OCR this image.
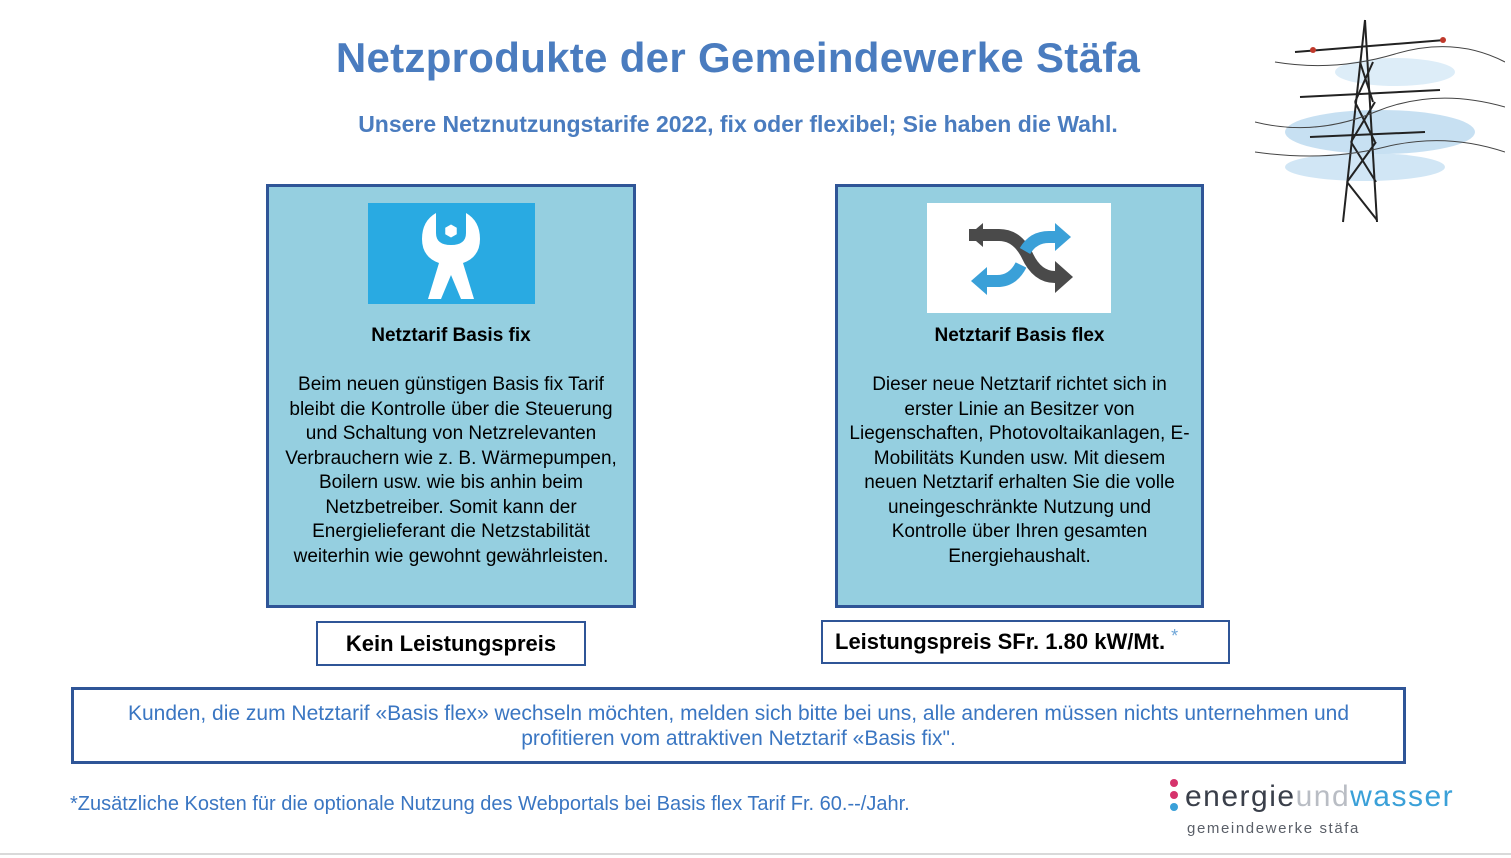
Netzprodukte der Gemeindewerke Stäfa
Unsere Netznutzungstarife 2022, fix oder flexibel; Sie haben die Wahl.
Netztarif Basis fix
Beim neuen günstigen Basis fix Tarif bleibt die Kontrolle über die Steuerung und Schaltung von Netzrelevanten Verbrauchern wie z. B. Wärmepumpen, Boilern usw. wie bis anhin beim Netzbetreiber. Somit kann der Energielieferant die Netzstabilität weiterhin wie gewohnt gewährleisten.
Netztarif Basis flex
Dieser neue Netztarif richtet sich in erster Linie an Besitzer von Liegenschaften, Photovoltaikanlagen, E-Mobilitäts Kunden usw. Mit diesem neuen Netztarif erhalten Sie die volle uneingeschränkte Nutzung und Kontrolle über Ihren gesamten Energiehaushalt.
Kein Leistungspreis	Leistungspreis SFr. 1.80 kW/Mt. *
Kunden, die zum Netztarif «Basis flex» wechseln möchten, melden sich bitte bei uns, alle anderen müssen nichts unternehmen und profitieren vom attraktiven Netztarif «Basis fix".
*Zusätzliche Kosten für die optionale Nutzung des Webportals bei Basis flex Tarif Fr. 60.--/Jahr.	energieundwasser
gemeindewerke stäfa
